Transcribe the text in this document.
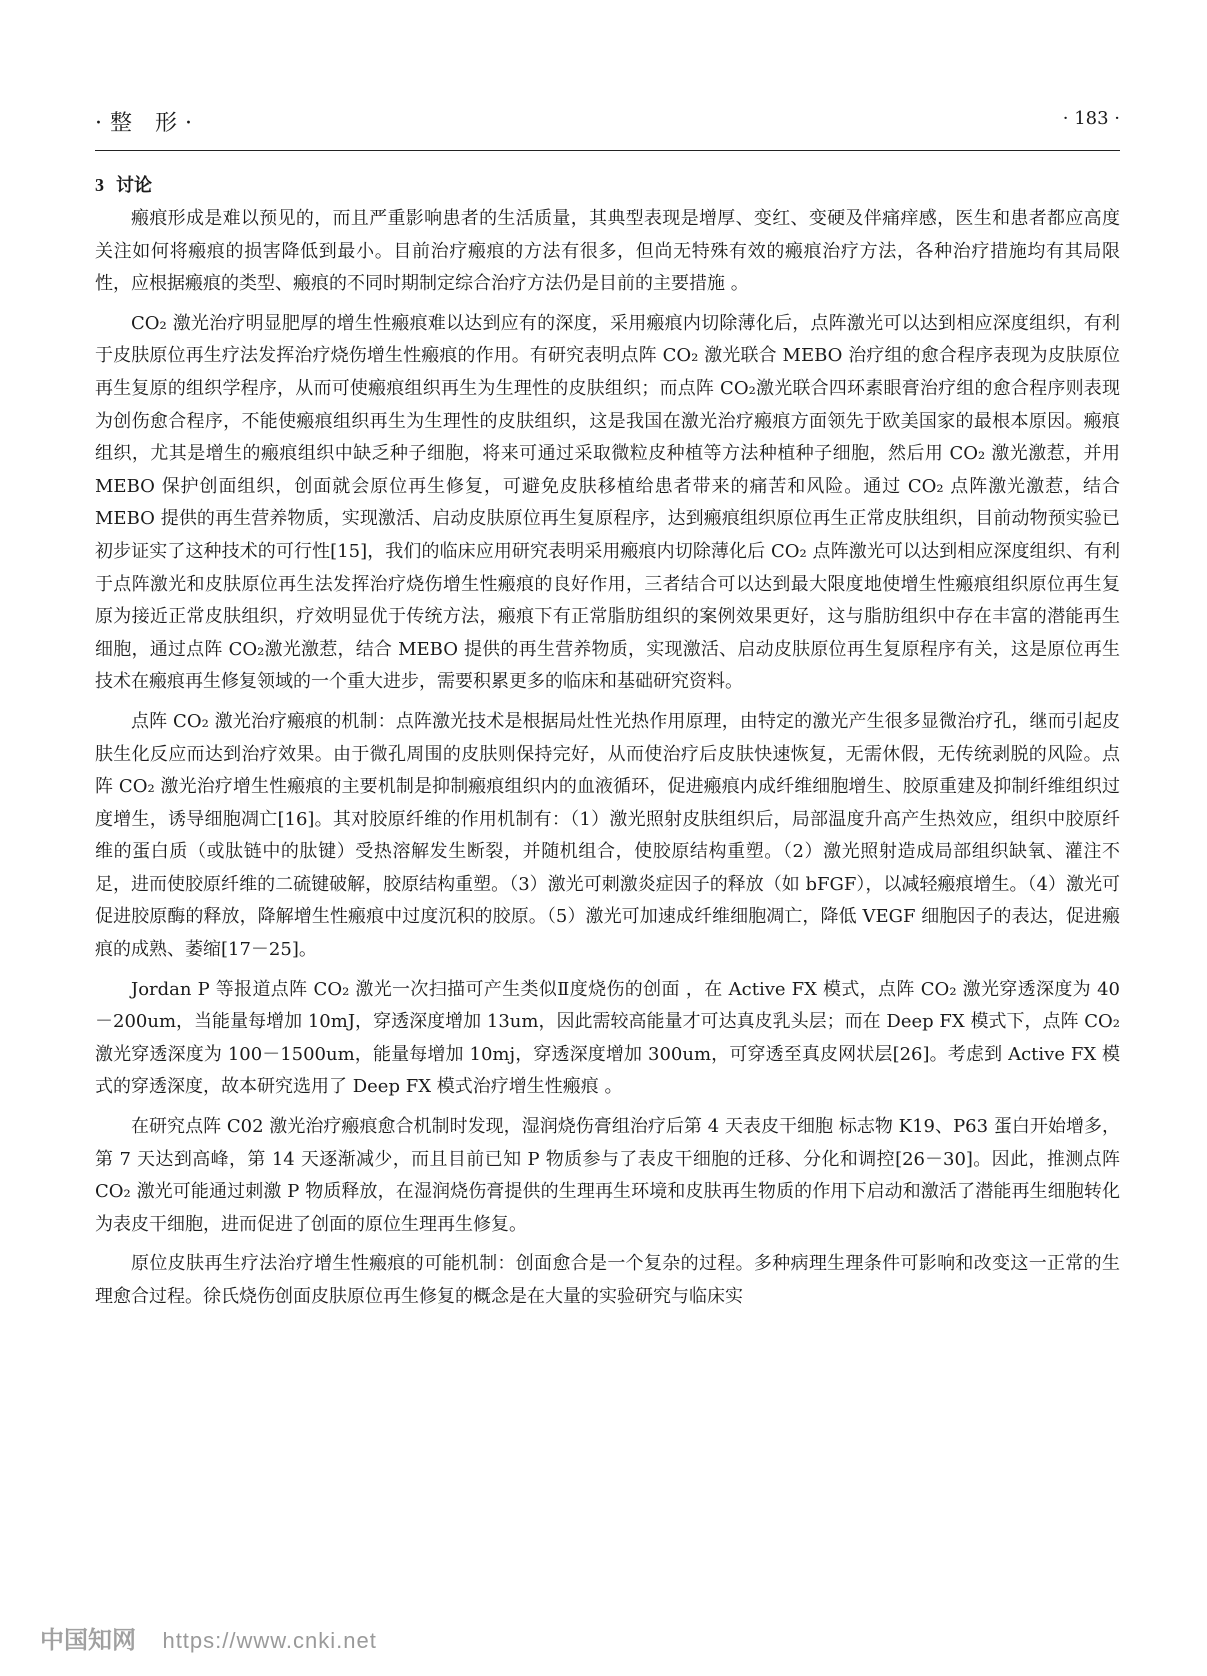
·整 形·	· 183 ·
3 讨论

瘢痕形成是难以预见的，而且严重影响患者的生活质量，其典型表现是增厚、变红、变硬及伴痛痒感，医生和患者都应高度关注如何将瘢痕的损害降低到最小。目前治疗瘢痕的方法有很多，但尚无特殊有效的瘢痕治疗方法，各种治疗措施均有其局限性，应根据瘢痕的类型、瘢痕的不同时期制定综合治疗方法仍是目前的主要措施 。

CO₂ 激光治疗明显肥厚的增生性瘢痕难以达到应有的深度，采用瘢痕内切除薄化后，点阵激光可以达到相应深度组织，有利于皮肤原位再生疗法发挥治疗烧伤增生性瘢痕的作用。有研究表明点阵 CO₂ 激光联合 MEBO 治疗组的愈合程序表现为皮肤原位再生复原的组织学程序，从而可使瘢痕组织再生为生理性的皮肤组织；而点阵 CO₂激光联合四环素眼膏治疗组的愈合程序则表现为创伤愈合程序，不能使瘢痕组织再生为生理性的皮肤组织，这是我国在激光治疗瘢痕方面领先于欧美国家的最根本原因。瘢痕组织，尤其是增生的瘢痕组织中缺乏种子细胞，将来可通过采取微粒皮种植等方法种植种子细胞，然后用 CO₂ 激光激惹，并用 MEBO 保护创面组织，创面就会原位再生修复，可避免皮肤移植给患者带来的痛苦和风险。通过 CO₂ 点阵激光激惹，结合 MEBO 提供的再生营养物质，实现激活、启动皮肤原位再生复原程序，达到瘢痕组织原位再生正常皮肤组织，目前动物预实验已初步证实了这种技术的可行性[15]，我们的临床应用研究表明采用瘢痕内切除薄化后 CO₂ 点阵激光可以达到相应深度组织、有利于点阵激光和皮肤原位再生法发挥治疗烧伤增生性瘢痕的良好作用，三者结合可以达到最大限度地使增生性瘢痕组织原位再生复原为接近正常皮肤组织，疗效明显优于传统方法，瘢痕下有正常脂肪组织的案例效果更好，这与脂肪组织中存在丰富的潜能再生细胞，通过点阵 CO₂激光激惹，结合 MEBO 提供的再生营养物质，实现激活、启动皮肤原位再生复原程序有关，这是原位再生技术在瘢痕再生修复领域的一个重大进步，需要积累更多的临床和基础研究资料。

点阵 CO₂ 激光治疗瘢痕的机制：点阵激光技术是根据局灶性光热作用原理，由特定的激光产生很多显微治疗孔，继而引起皮肤生化反应而达到治疗效果。由于微孔周围的皮肤则保持完好，从而使治疗后皮肤快速恢复，无需休假，无传统剥脱的风险。点阵 CO₂ 激光治疗增生性瘢痕的主要机制是抑制瘢痕组织内的血液循环，促进瘢痕内成纤维细胞增生、胶原重建及抑制纤维组织过度增生，诱导细胞凋亡[16]。其对胶原纤维的作用机制有：（1）激光照射皮肤组织后，局部温度升高产生热效应，组织中胶原纤维的蛋白质（或肽链中的肽键）受热溶解发生断裂，并随机组合，使胶原结构重塑。（2）激光照射造成局部组织缺氧、灌注不足，进而使胶原纤维的二硫键破解，胶原结构重塑。（3）激光可刺激炎症因子的释放（如 bFGF），以减轻瘢痕增生。（4）激光可促进胶原酶的释放，降解增生性瘢痕中过度沉积的胶原。（5）激光可加速成纤维细胞凋亡，降低 VEGF 细胞因子的表达，促进瘢痕的成熟、萎缩[17－25]。

Jordan P 等报道点阵 CO₂ 激光一次扫描可产生类似Ⅱ度烧伤的创面 ，在 Active FX 模式，点阵 CO₂ 激光穿透深度为 40－200um，当能量每增加 10mJ，穿透深度增加 13um，因此需较高能量才可达真皮乳头层；而在 Deep FX 模式下，点阵 CO₂ 激光穿透深度为 100－1500um，能量每增加 10mj，穿透深度增加 300um，可穿透至真皮网状层[26]。考虑到 Active FX 模式的穿透深度，故本研究选用了 Deep FX 模式治疗增生性瘢痕 。

在研究点阵 C02 激光治疗瘢痕愈合机制时发现，湿润烧伤膏组治疗后第 4 天表皮干细胞 标志物 K19、P63 蛋白开始增多，第 7 天达到高峰，第 14 天逐渐减少，而且目前已知 P 物质参与了表皮干细胞的迁移、分化和调控[26－30]。因此，推测点阵 CO₂ 激光可能通过刺激 P 物质释放，在湿润烧伤膏提供的生理再生环境和皮肤再生物质的作用下启动和激活了潜能再生细胞转化为表皮干细胞，进而促进了创面的原位生理再生修复。

原位皮肤再生疗法治疗增生性瘢痕的可能机制：创面愈合是一个复杂的过程。多种病理生理条件可影响和改变这一正常的生理愈合过程。徐氏烧伤创面皮肤原位再生修复的概念是在大量的实验研究与临床实

中国知网 https://www.cnki.net
